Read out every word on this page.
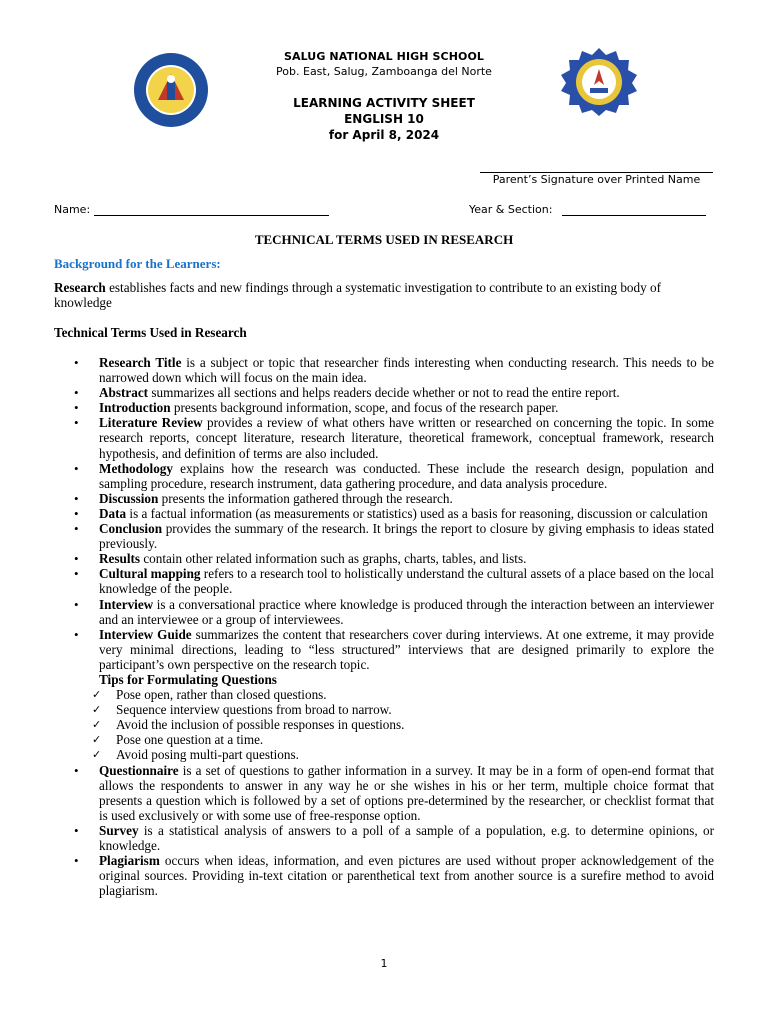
SALUG NATIONAL HIGH SCHOOL
Pob. East, Salug, Zamboanga del Norte
LEARNING ACTIVITY SHEET
ENGLISH 10
for April 8, 2024
Parent’s Signature over Printed Name
Name:	Year & Section:
TECHNICAL TERMS USED IN RESEARCH
Background for the Learners:
Research establishes facts and new findings through a systematic investigation to contribute to an existing body of knowledge
Technical Terms Used in Research
• Research Title is a subject or topic that researcher finds interesting when conducting research. This needs to be narrowed down which will focus on the main idea.
• Abstract summarizes all sections and helps readers decide whether or not to read the entire report.
• Introduction presents background information, scope, and focus of the research paper.
• Literature Review provides a review of what others have written or researched on concerning the topic. In some research reports, concept literature, research literature, theoretical framework, conceptual framework, research hypothesis, and definition of terms are also included.
• Methodology explains how the research was conducted. These include the research design, population and sampling procedure, research instrument, data gathering procedure, and data analysis procedure.
• Discussion presents the information gathered through the research.
• Data is a factual information (as measurements or statistics) used as a basis for reasoning, discussion or calculation
• Conclusion provides the summary of the research. It brings the report to closure by giving emphasis to ideas stated previously.
• Results contain other related information such as graphs, charts, tables, and lists.
• Cultural mapping refers to a research tool to holistically understand the cultural assets of a place based on the local knowledge of the people.
• Interview is a conversational practice where knowledge is produced through the interaction between an interviewer and an interviewee or a group of interviewees.
• Interview Guide summarizes the content that researchers cover during interviews. At one extreme, it may provide very minimal directions, leading to “less structured” interviews that are designed primarily to explore the participant’s own perspective on the research topic.
Tips for Formulating Questions
✓ Pose open, rather than closed questions.
✓ Sequence interview questions from broad to narrow.
✓ Avoid the inclusion of possible responses in questions.
✓ Pose one question at a time.
✓ Avoid posing multi-part questions.
• Questionnaire is a set of questions to gather information in a survey. It may be in a form of open-end format that allows the respondents to answer in any way he or she wishes in his or her term, multiple choice format that presents a question which is followed by a set of options pre-determined by the researcher, or checklist format that is used exclusively or with some use of free-response option.
• Survey is a statistical analysis of answers to a poll of a sample of a population, e.g. to determine opinions, or knowledge.
• Plagiarism occurs when ideas, information, and even pictures are used without proper acknowledgement of the original sources. Providing in-text citation or parenthetical text from another source is a surefire method to avoid plagiarism.
1
